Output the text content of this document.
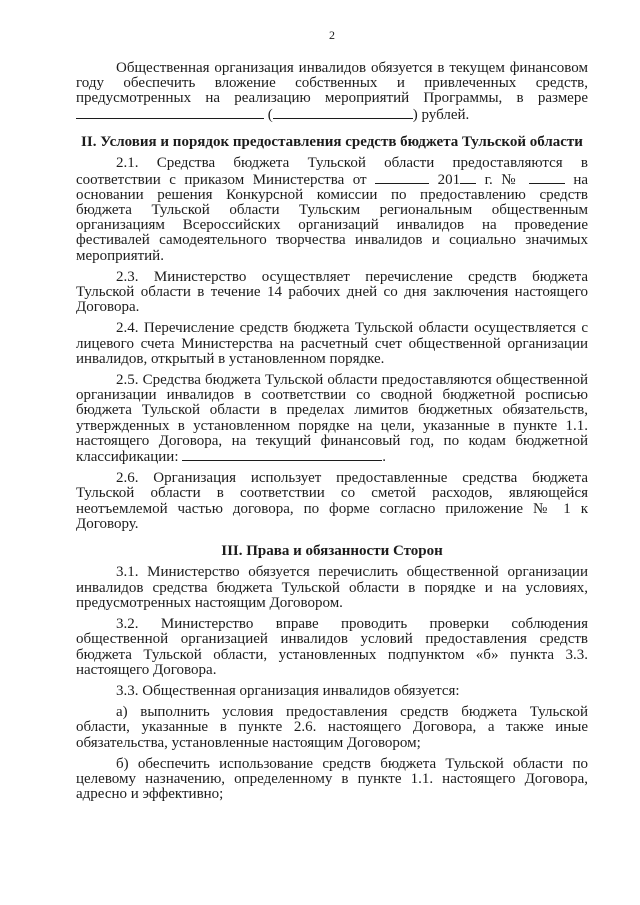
2

Общественная организация инвалидов обязуется в текущем финансовом году обеспечить вложение собственных и привлеченных средств, предусмотренных на реализацию мероприятий Программы, в размере  (	) рублей.

II. Условия и порядок предоставления средств бюджета Тульской области

2.1. Средства бюджета Тульской области предоставляются в соответствии с приказом Министерства от	201 г. №	на основании решения Конкурсной комиссии по предоставлению средств бюджета Тульской области Тульским региональным общественным организациям Всероссийских организаций инвалидов на проведение фестивалей самодеятельного творчества инвалидов и социально значимых мероприятий.

2.3. Министерство осуществляет перечисление средств бюджета Тульской области в течение 14 рабочих дней со дня заключения настоящего Договора.

2.4. Перечисление средств бюджета Тульской области осуществляется с лицевого счета Министерства на расчетный счет общественной организации инвалидов, открытый в установленном порядке.

2.5. Средства бюджета Тульской области предоставляются общественной организации инвалидов в соответствии со сводной бюджетной росписью бюджета Тульской области в пределах лимитов бюджетных обязательств, утвержденных в установленном порядке на цели, указанные в пункте 1.1. настоящего Договора, на текущий финансовый год, по кодам бюджетной классификации:	.

2.6. Организация использует предоставленные средства бюджета Тульской области в соответствии со сметой расходов, являющейся неотъемлемой частью договора, по форме согласно приложение № 1 к Договору.

III. Права и обязанности Сторон

3.1. Министерство обязуется перечислить общественной организации инвалидов средства бюджета Тульской области в порядке и на условиях, предусмотренных настоящим Договором.

3.2. Министерство вправе проводить проверки соблюдения общественной организацией инвалидов условий предоставления средств бюджета Тульской области, установленных подпунктом «б» пункта 3.3. настоящего Договора.

3.3. Общественная организация инвалидов обязуется:

а) выполнить условия предоставления средств бюджета Тульской области, указанные в пункте 2.6. настоящего Договора, а также иные обязательства, установленные настоящим Договором;

б) обеспечить использование средств бюджета Тульской области по целевому назначению, определенному в пункте 1.1. настоящего Договора, адресно и эффективно;
